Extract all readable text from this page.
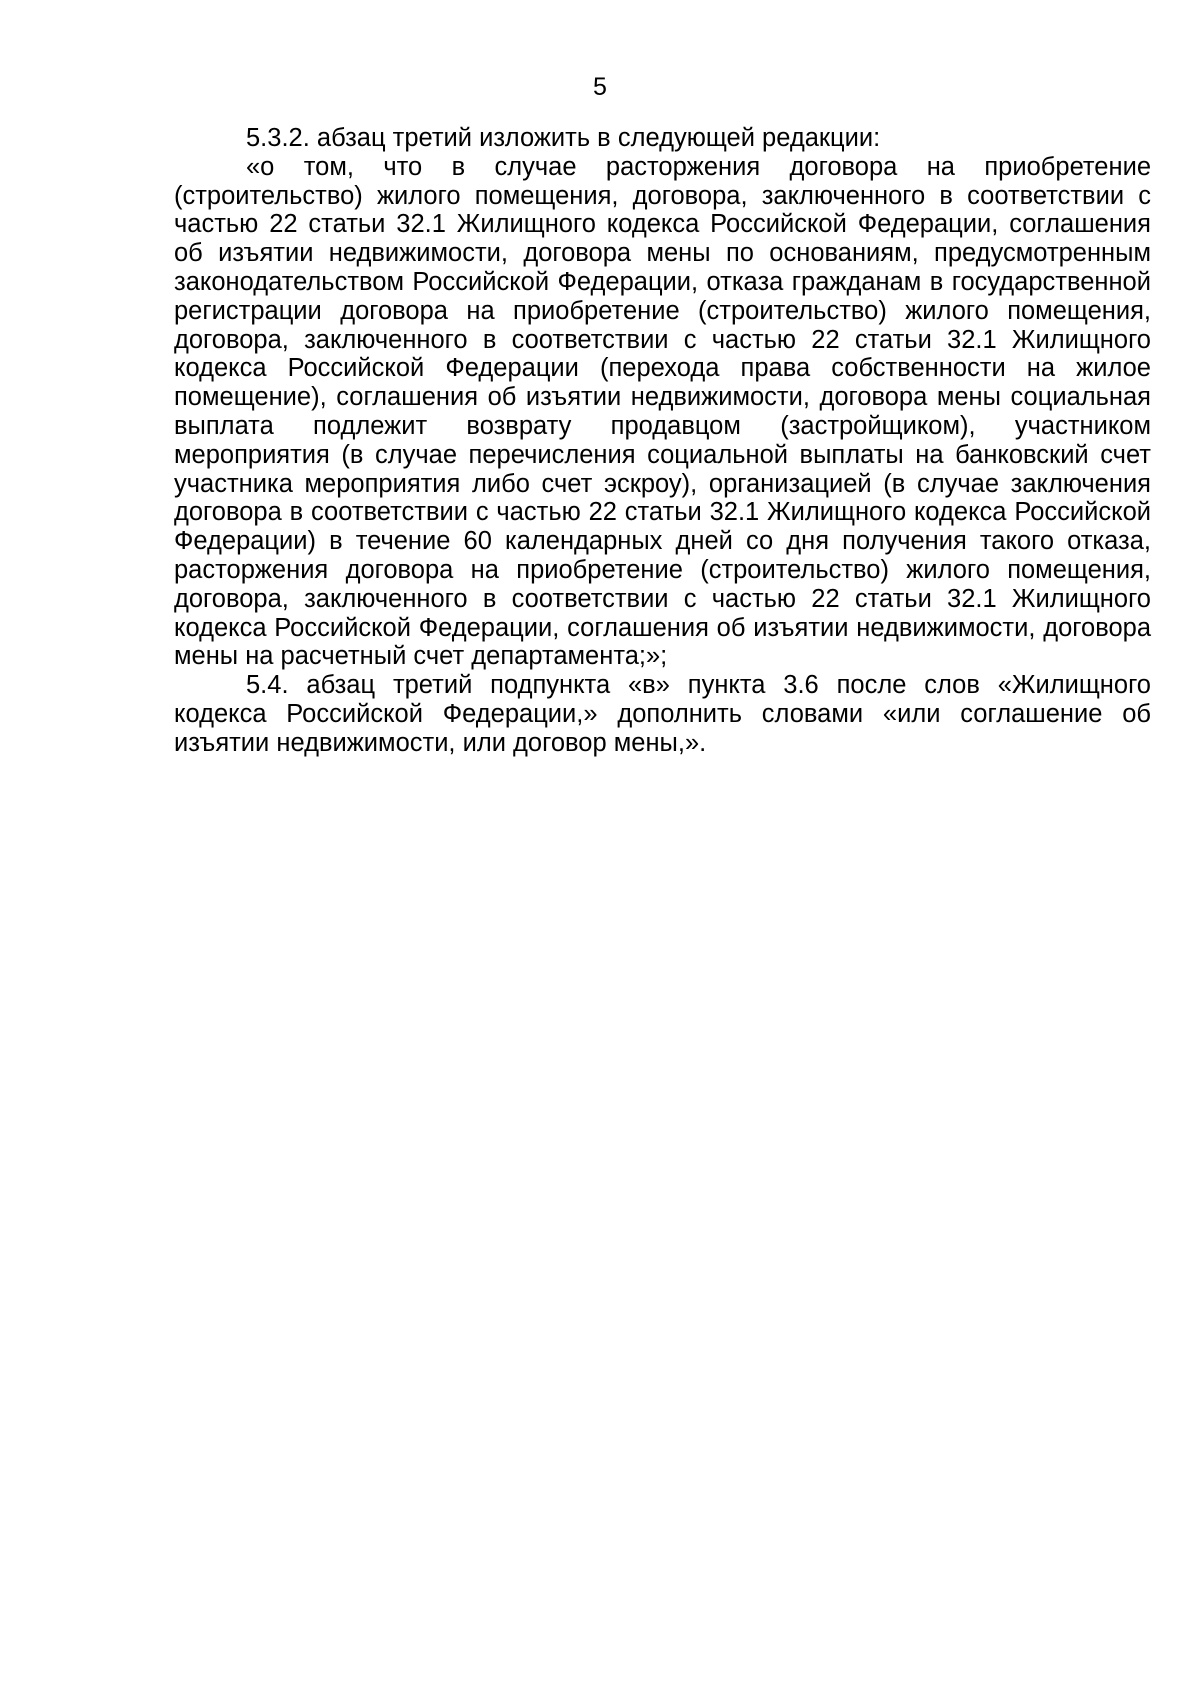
5

5.3.2. абзац третий изложить в следующей редакции:

«о том, что в случае расторжения договора на приобретение (строительство) жилого помещения, договора, заключенного в соответствии с частью 22 статьи 32.1 Жилищного кодекса Российской Федерации, соглашения об изъятии недвижимости, договора мены по основаниям, предусмотренным законодательством Российской Федерации, отказа гражданам в государственной регистрации договора на приобретение (строительство) жилого помещения, договора, заключенного в соответствии с частью 22 статьи 32.1 Жилищного кодекса Российской Федерации (перехода права собственности на жилое помещение), соглашения об изъятии недвижимости, договора мены социальная выплата подлежит возврату продавцом (застройщиком), участником мероприятия (в случае перечисления социальной выплаты на банковский счет участника мероприятия либо счет эскроу), организацией (в случае заключения договора в соответствии с частью 22 статьи 32.1 Жилищного кодекса Российской Федерации) в течение 60 календарных дней со дня получения такого отказа, расторжения договора на приобретение (строительство) жилого помещения, договора, заключенного в соответствии с частью 22 статьи 32.1 Жилищного кодекса Российской Федерации, соглашения об изъятии недвижимости, договора мены на расчетный счет департамента;»;

5.4. абзац третий подпункта «в» пункта 3.6 после слов «Жилищного кодекса Российской Федерации,» дополнить словами «или соглашение об изъятии недвижимости, или договор мены,».
